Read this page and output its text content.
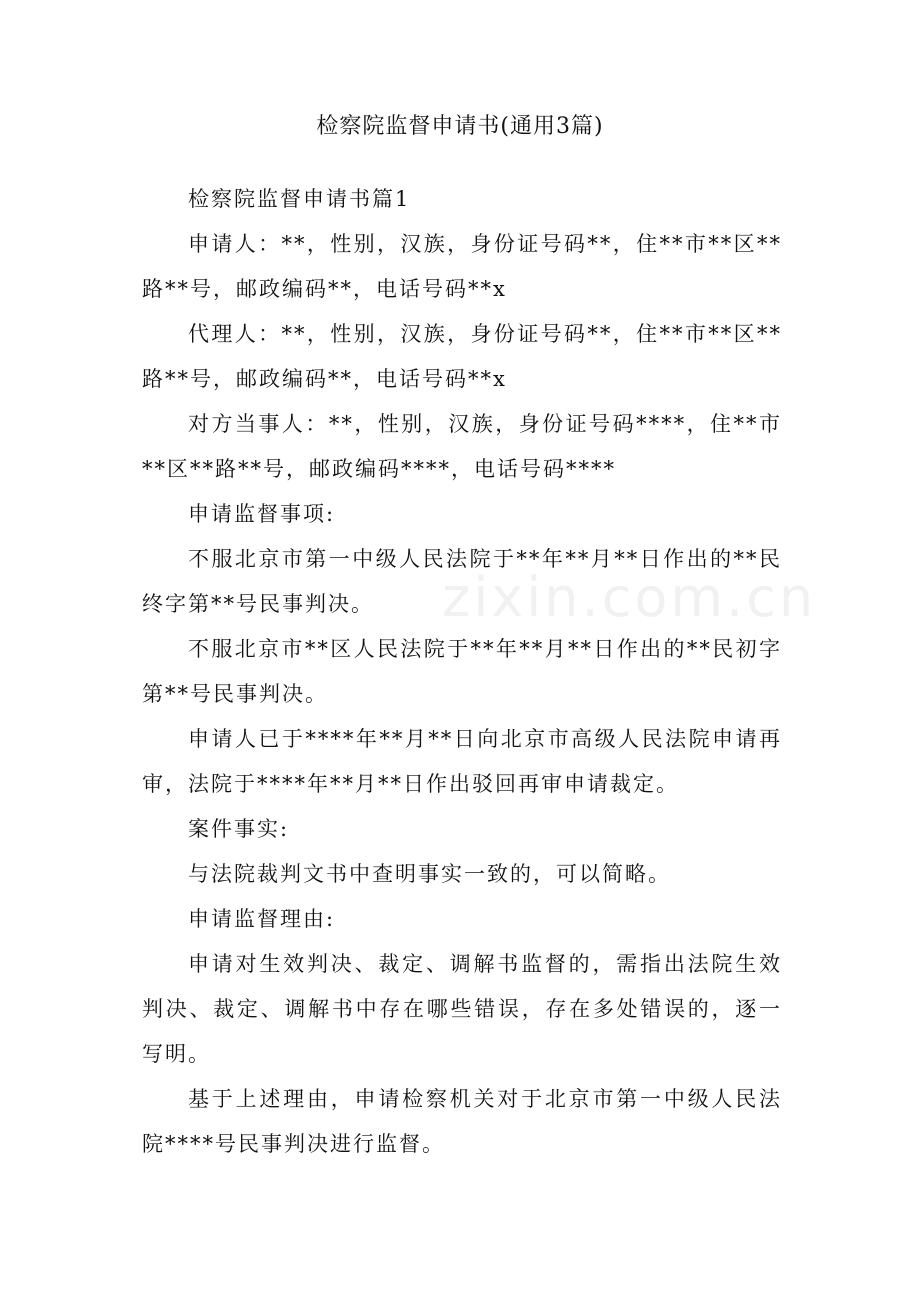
检察院监督申请书(通用3篇)

检察院监督申请书篇1

申请人：**，性别，汉族，身份证号码**，住**市**区**路**号，邮政编码**，电话号码**x

代理人：**，性别，汉族，身份证号码**，住**市**区**路**号，邮政编码**，电话号码**x

对方当事人：**，性别，汉族，身份证号码****，住**市**区**路**号，邮政编码****，电话号码****

申请监督事项:

不服北京市第一中级人民法院于**年**月**日作出的**民终字第**号民事判决。

不服北京市**区人民法院于**年**月**日作出的**民初字第**号民事判决。

申请人已于****年**月**日向北京市高级人民法院申请再审，法院于****年**月**日作出驳回再审申请裁定。

案件事实:

与法院裁判文书中查明事实一致的，可以简略。

申请监督理由:

申请对生效判决、裁定、调解书监督的，需指出法院生效判决、裁定、调解书中存在哪些错误，存在多处错误的，逐一写明。

基于上述理由，申请检察机关对于北京市第一中级人民法院****号民事判决进行监督。

zixin.com.cn
